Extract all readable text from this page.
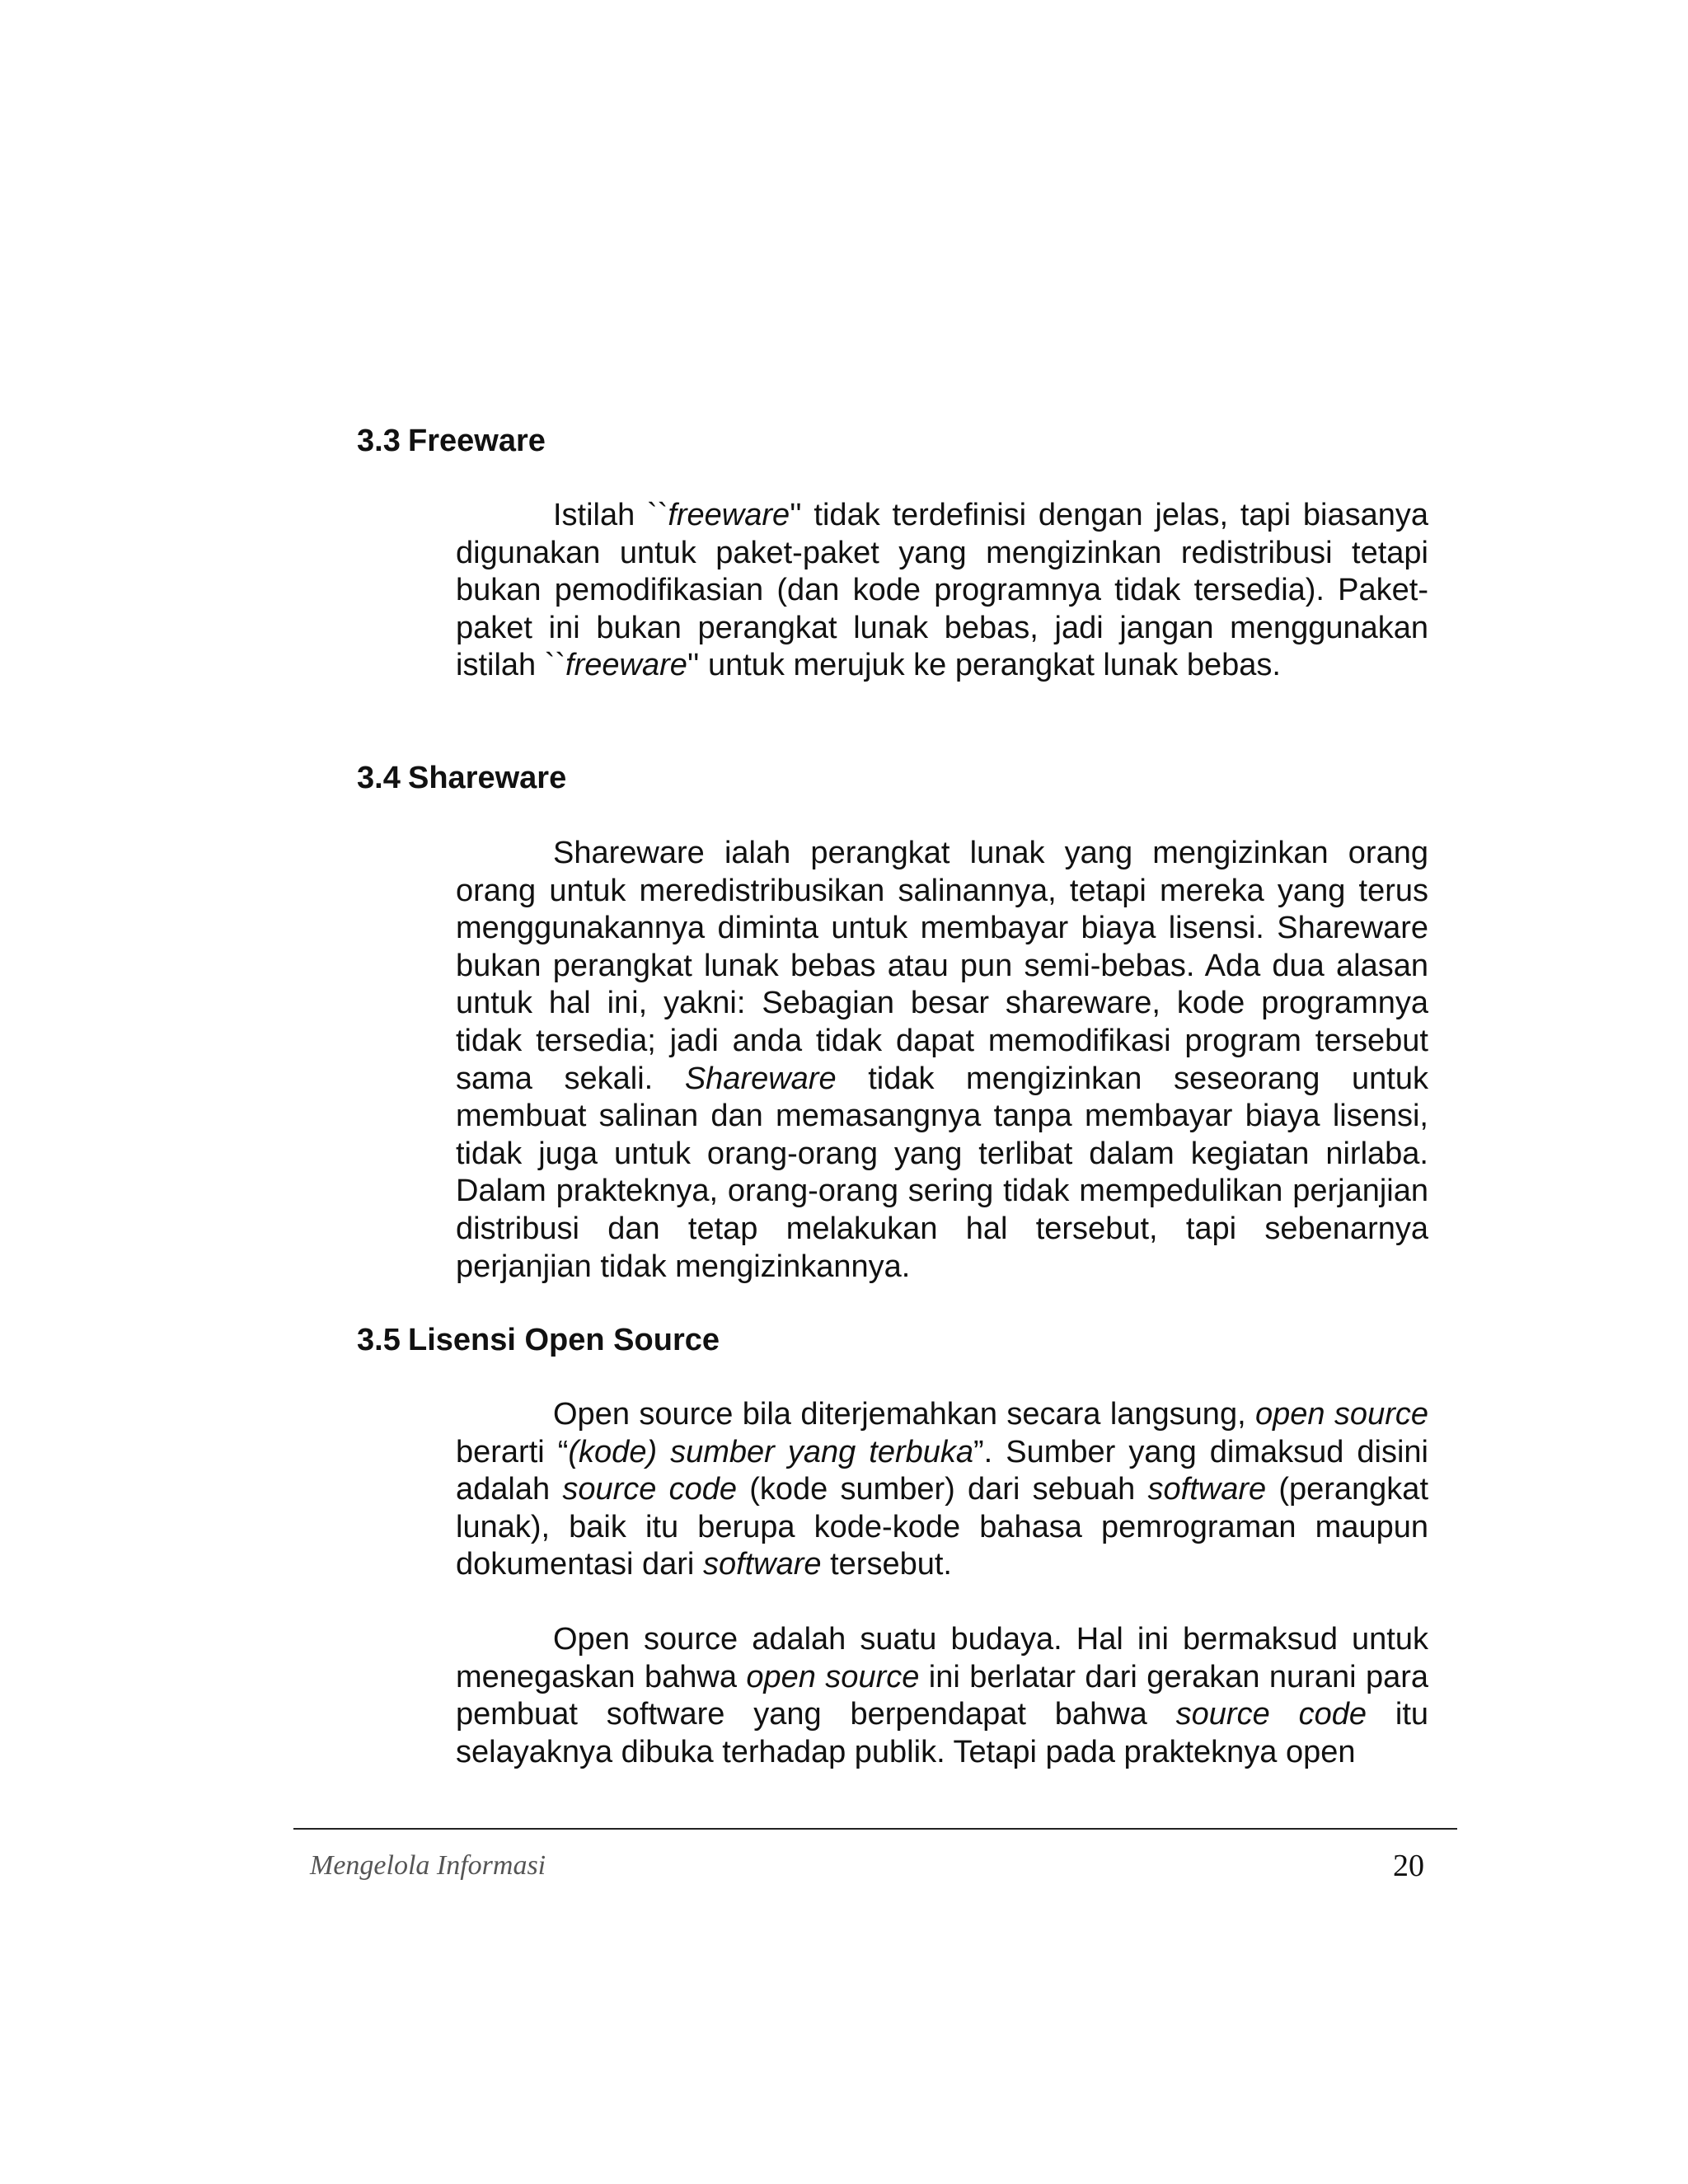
3.3 Freeware

Istilah ``freeware'' tidak terdefinisi dengan jelas, tapi biasanya digunakan untuk paket-paket yang mengizinkan redistribusi tetapi bukan pemodifikasian (dan kode programnya tidak tersedia). Paket-paket ini bukan perangkat lunak bebas, jadi jangan menggunakan istilah ``freeware'' untuk merujuk ke perangkat lunak bebas.

3.4 Shareware

Shareware ialah perangkat lunak yang mengizinkan orang orang untuk meredistribusikan salinannya, tetapi mereka yang terus menggunakannya diminta untuk membayar biaya lisensi. Shareware bukan perangkat lunak bebas atau pun semi-bebas. Ada dua alasan untuk hal ini, yakni: Sebagian besar shareware, kode programnya tidak tersedia; jadi anda tidak dapat memodifikasi program tersebut sama sekali. Shareware tidak mengizinkan seseorang untuk membuat salinan dan memasangnya tanpa membayar biaya lisensi, tidak juga untuk orang-orang yang terlibat dalam kegiatan nirlaba. Dalam prakteknya, orang-orang sering tidak mempedulikan perjanjian distribusi dan tetap melakukan hal tersebut, tapi sebenarnya perjanjian tidak mengizinkannya.

3.5 Lisensi Open Source

Open source bila diterjemahkan secara langsung, open source berarti “(kode) sumber yang terbuka”. Sumber yang dimaksud disini adalah source code (kode sumber) dari sebuah software (perangkat lunak), baik itu berupa kode-kode bahasa pemrograman maupun dokumentasi dari software tersebut.

Open source adalah suatu budaya. Hal ini bermaksud untuk menegaskan bahwa open source ini berlatar dari gerakan nurani para pembuat software yang berpendapat bahwa source code itu selayaknya dibuka terhadap publik. Tetapi pada prakteknya open

Mengelola Informasi	20
